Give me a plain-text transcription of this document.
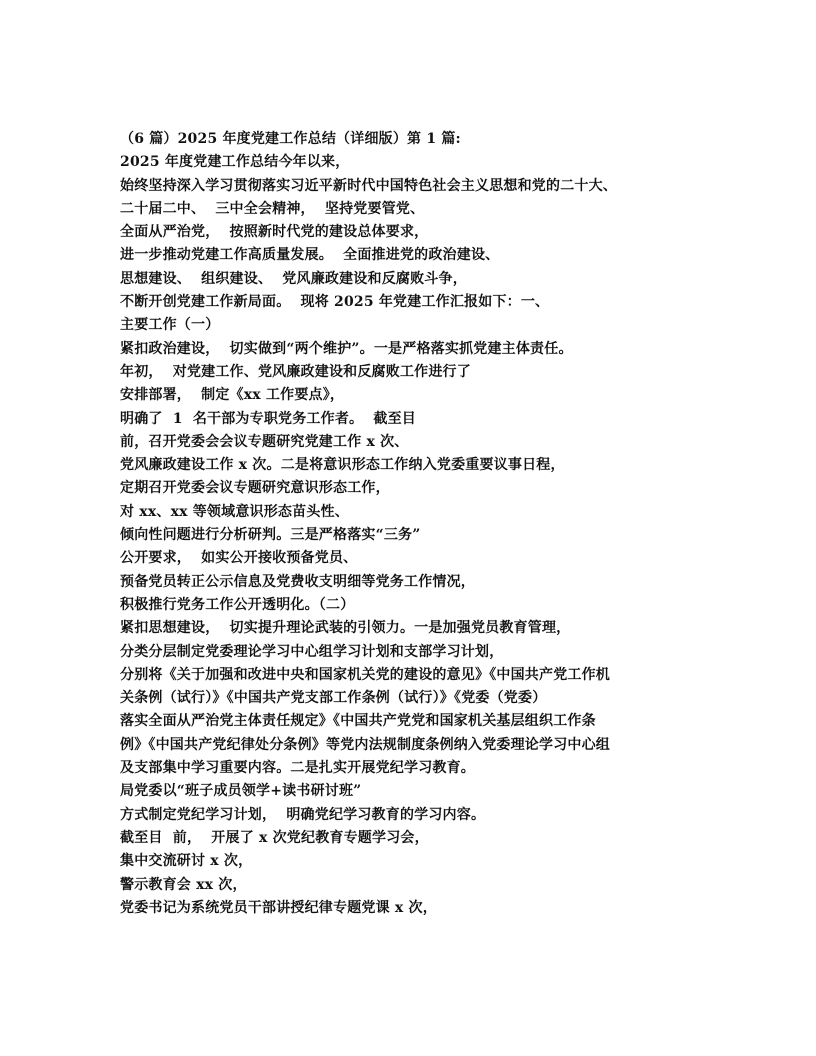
（6 篇）2025 年度党建工作总结（详细版）第 1 篇:
2025 年度党建工作总结今年以来，
始终坚持深入学习贯彻落实习近平新时代中国特色社会主义思想和党的二十大、
二十届二中、  三中全会精神，  坚持党要管党、
全面从严治党，  按照新时代党的建设总体要求，
进一步推动党建工作高质量发展。  全面推进党的政治建设、
思想建设、  组织建设、  党风廉政建设和反腐败斗争，
不断开创党建工作新局面。  现将 2025 年党建工作汇报如下：一、
主要工作（一）
紧扣政治建设，  切实做到“两个维护”。一是严格落实抓党建主体责任。
年初，  对党建工作、党风廉政建设和反腐败工作进行了
安排部署，  制定《xx 工作要点》，
明确了  1  名干部为专职党务工作者。  截至目
前，召开党委会会议专题研究党建工作 x 次、
党风廉政建设工作 x 次。二是将意识形态工作纳入党委重要议事日程，
定期召开党委会议专题研究意识形态工作，
对 xx、xx 等领域意识形态苗头性、
倾向性问题进行分析研判。三是严格落实“三务”
公开要求，  如实公开接收预备党员、
预备党员转正公示信息及党费收支明细等党务工作情况，
积极推行党务工作公开透明化。（二）
紧扣思想建设，  切实提升理论武装的引领力。一是加强党员教育管理，
分类分层制定党委理论学习中心组学习计划和支部学习计划，
分别将《关于加强和改进中央和国家机关党的建设的意见》《中国共产党工作机
关条例（试行）》《中国共产党支部工作条例（试行）》《党委（党委）
落实全面从严治党主体责任规定》《中国共产党党和国家机关基层组织工作条
例》《中国共产党纪律处分条例》等党内法规制度条例纳入党委理论学习中心组
及支部集中学习重要内容。二是扎实开展党纪学习教育。
局党委以“班子成员领学+读书研讨班”
方式制定党纪学习计划，  明确党纪学习教育的学习内容。
截至目  前，  开展了 x 次党纪教育专题学习会，
集中交流研讨 x 次，
警示教育会 xx 次，
党委书记为系统党员干部讲授纪律专题党课 x 次，
